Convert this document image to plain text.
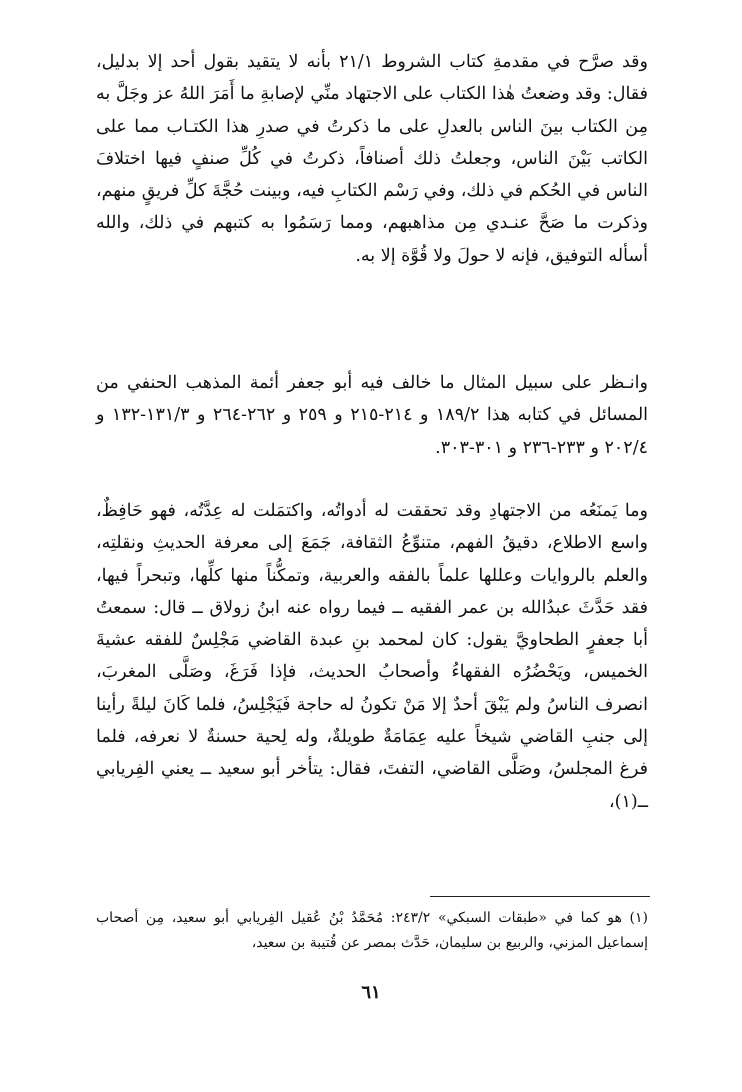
وقد صرَّح في مقدمةِ كتاب الشروط ٢١/١ بأنه لا يتقيد بقول أحد إلا بدليل، فقال: وقد وضعتُ هٰذا الكتاب على الاجتهاد منِّي لإصابةِ ما أَمَرَ اللهُ عز وجَلَّ به مِن الكتاب بينَ الناس بالعدلِ على ما ذكرتُ في صدرِ هذا الكتـاب مما على الكاتب بَيْنَ الناس، وجعلتُ ذلك أصنافاً، ذكرتُ في كُلِّ صنفٍ فيها اختلافَ الناس في الحُكم في ذلك، وفي رَسْم الكتابِ فيه، وبينت حُجَّةَ كلِّ فريقٍ منهم، وذكرت ما صَحَّ عنـدي مِن مذاهبهم، ومما رَسَمُوا به كتبهم في ذلك، والله أسأله التوفيق، فإنه لا حولَ ولا قُوَّة إلا به.

وانـظر على سبيل المثال ما خالف فيه أبو جعفر أئمة المذهب الحنفي من المسائل في كتابه هذا ١٨٩/٢ و ٢١٤-٢١٥ و ٢٥٩ و ٢٦٢-٢٦٤ و ١٣١/٣-١٣٢ و ٢٠٢/٤ و ٢٣٣-٢٣٦ و ٣٠١-٣٠٣.

وما يَمنَعُه من الاجتهادِ وقد تحققت له أدواتُه، واكتمَلت له عِدَّتُه، فهو حَافِظٌ، واسع الاطلاع، دقيقُ الفهم، متنوِّعُ الثقافة، جَمَعَ إلى معرفة الحديثِ ونقلتِه، والعلم بالروايات وعللها علماً بالفقه والعربية، وتمكُّناً منها كلِّها، وتبحراً فيها، فقد حَدَّثَ عبدُالله بن عمر الفقيه ــ فيما رواه عنه ابنُ زولاق ــ قال: سمعتُ أبا جعفرٍ الطحاويَّ يقول: كان لمحمد بنِ عبدة القاضي مَجْلِسٌ للفقه عشيةَ الخميس، ويَحْضُرُه الفقهاءُ وأصحابُ الحديث، فإذا فَرَغَ، وصَلَّى المغربَ، انصرف الناسُ ولم يَبْقَ أحدٌ إلا مَنْ تكونُ له حاجة فَيَجْلِسُ، فلما كَانَ ليلةً رأينا إلى جنبِ القاضي شيخاً عليه عِمَامَةٌ طويلةٌ، وله لِحية حسنةٌ لا نعرفه، فلما فرغ المجلسُ، وصَلَّى القاضي، التفتَ، فقال: يتأخر أبو سعيد ــ يعني الفِريابي ــ(١)،

(١) هو كما في «طبقات السبكي» ٢٤٣/٢: مُحَمَّدُ بْنُ عُقيل الفِريابي أبو سعيد، مِن أصحاب إسماعيل المزني، والربيع بن سليمان، حَدَّث بمصر عن قُتيبة بن سعيد،

٦١
